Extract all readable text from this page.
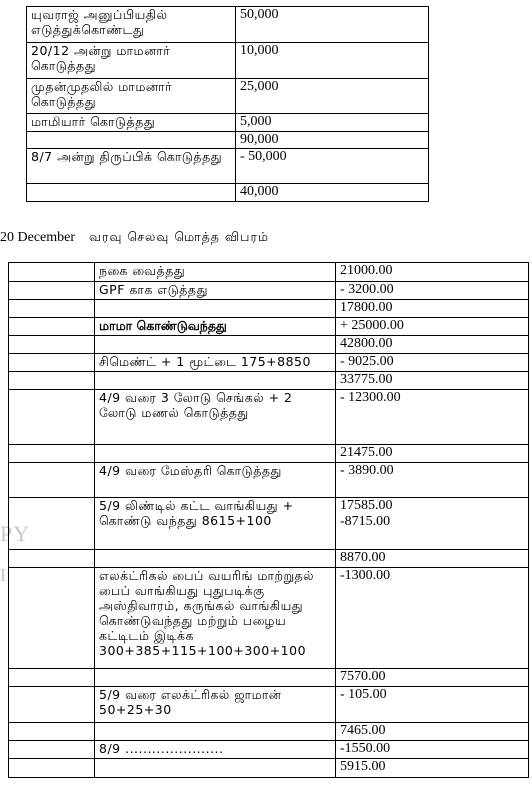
PY
I
யுவராஜ் அனுப்பியதில் எடுத்துக்கொண்டது	50,000
20/12 அன்று மாமனார் கொடுத்தது	10,000
முதன்முதலில் மாமனார் கொடுத்தது	25,000
மாமியார் கொடுத்தது	5,000
	90,000
8/7 அன்று திருப்பிக் கொடுத்தது	- 50,000
	40,000
20 December வரவு செலவு மொத்த விபரம்
	நகை வைத்தது	21000.00
	GPF காக எடுத்தது	- 3200.00
		17800.00
	மாமா கொண்டுவந்தது	+ 25000.00
		42800.00
	சிமெண்ட் + 1 மூட்டை 175+8850	- 9025.00
		33775.00
	4/9 வரை 3 லோடு செங்கல் + 2 லோடு மணல் கொடுத்தது	- 12300.00
		21475.00
	4/9 வரை மேஸ்தரி கொடுத்தது	- 3890.00
	5/9 லிண்டில் கட்ட வாங்கியது + கொண்டு வந்தது 8615+100	17585.00
-8715.00
		8870.00
	எலக்ட்ரிகல் பைப் வயரிங் மாற்றுதல் பைப் வாங்கியது புதுபடிக்கு அஸ்திவாரம், கருங்கல் வாங்கியது கொண்டுவந்தது மற்றும் பழைய கட்டிடம் இடிக்க 300+385+115+100+300+100	-1300.00
		7570.00
	5/9 வரை எலக்ட்ரிகல் ஜாமான் 50+25+30	- 105.00
		7465.00
	8/9 ......................	-1550.00
		5915.00
